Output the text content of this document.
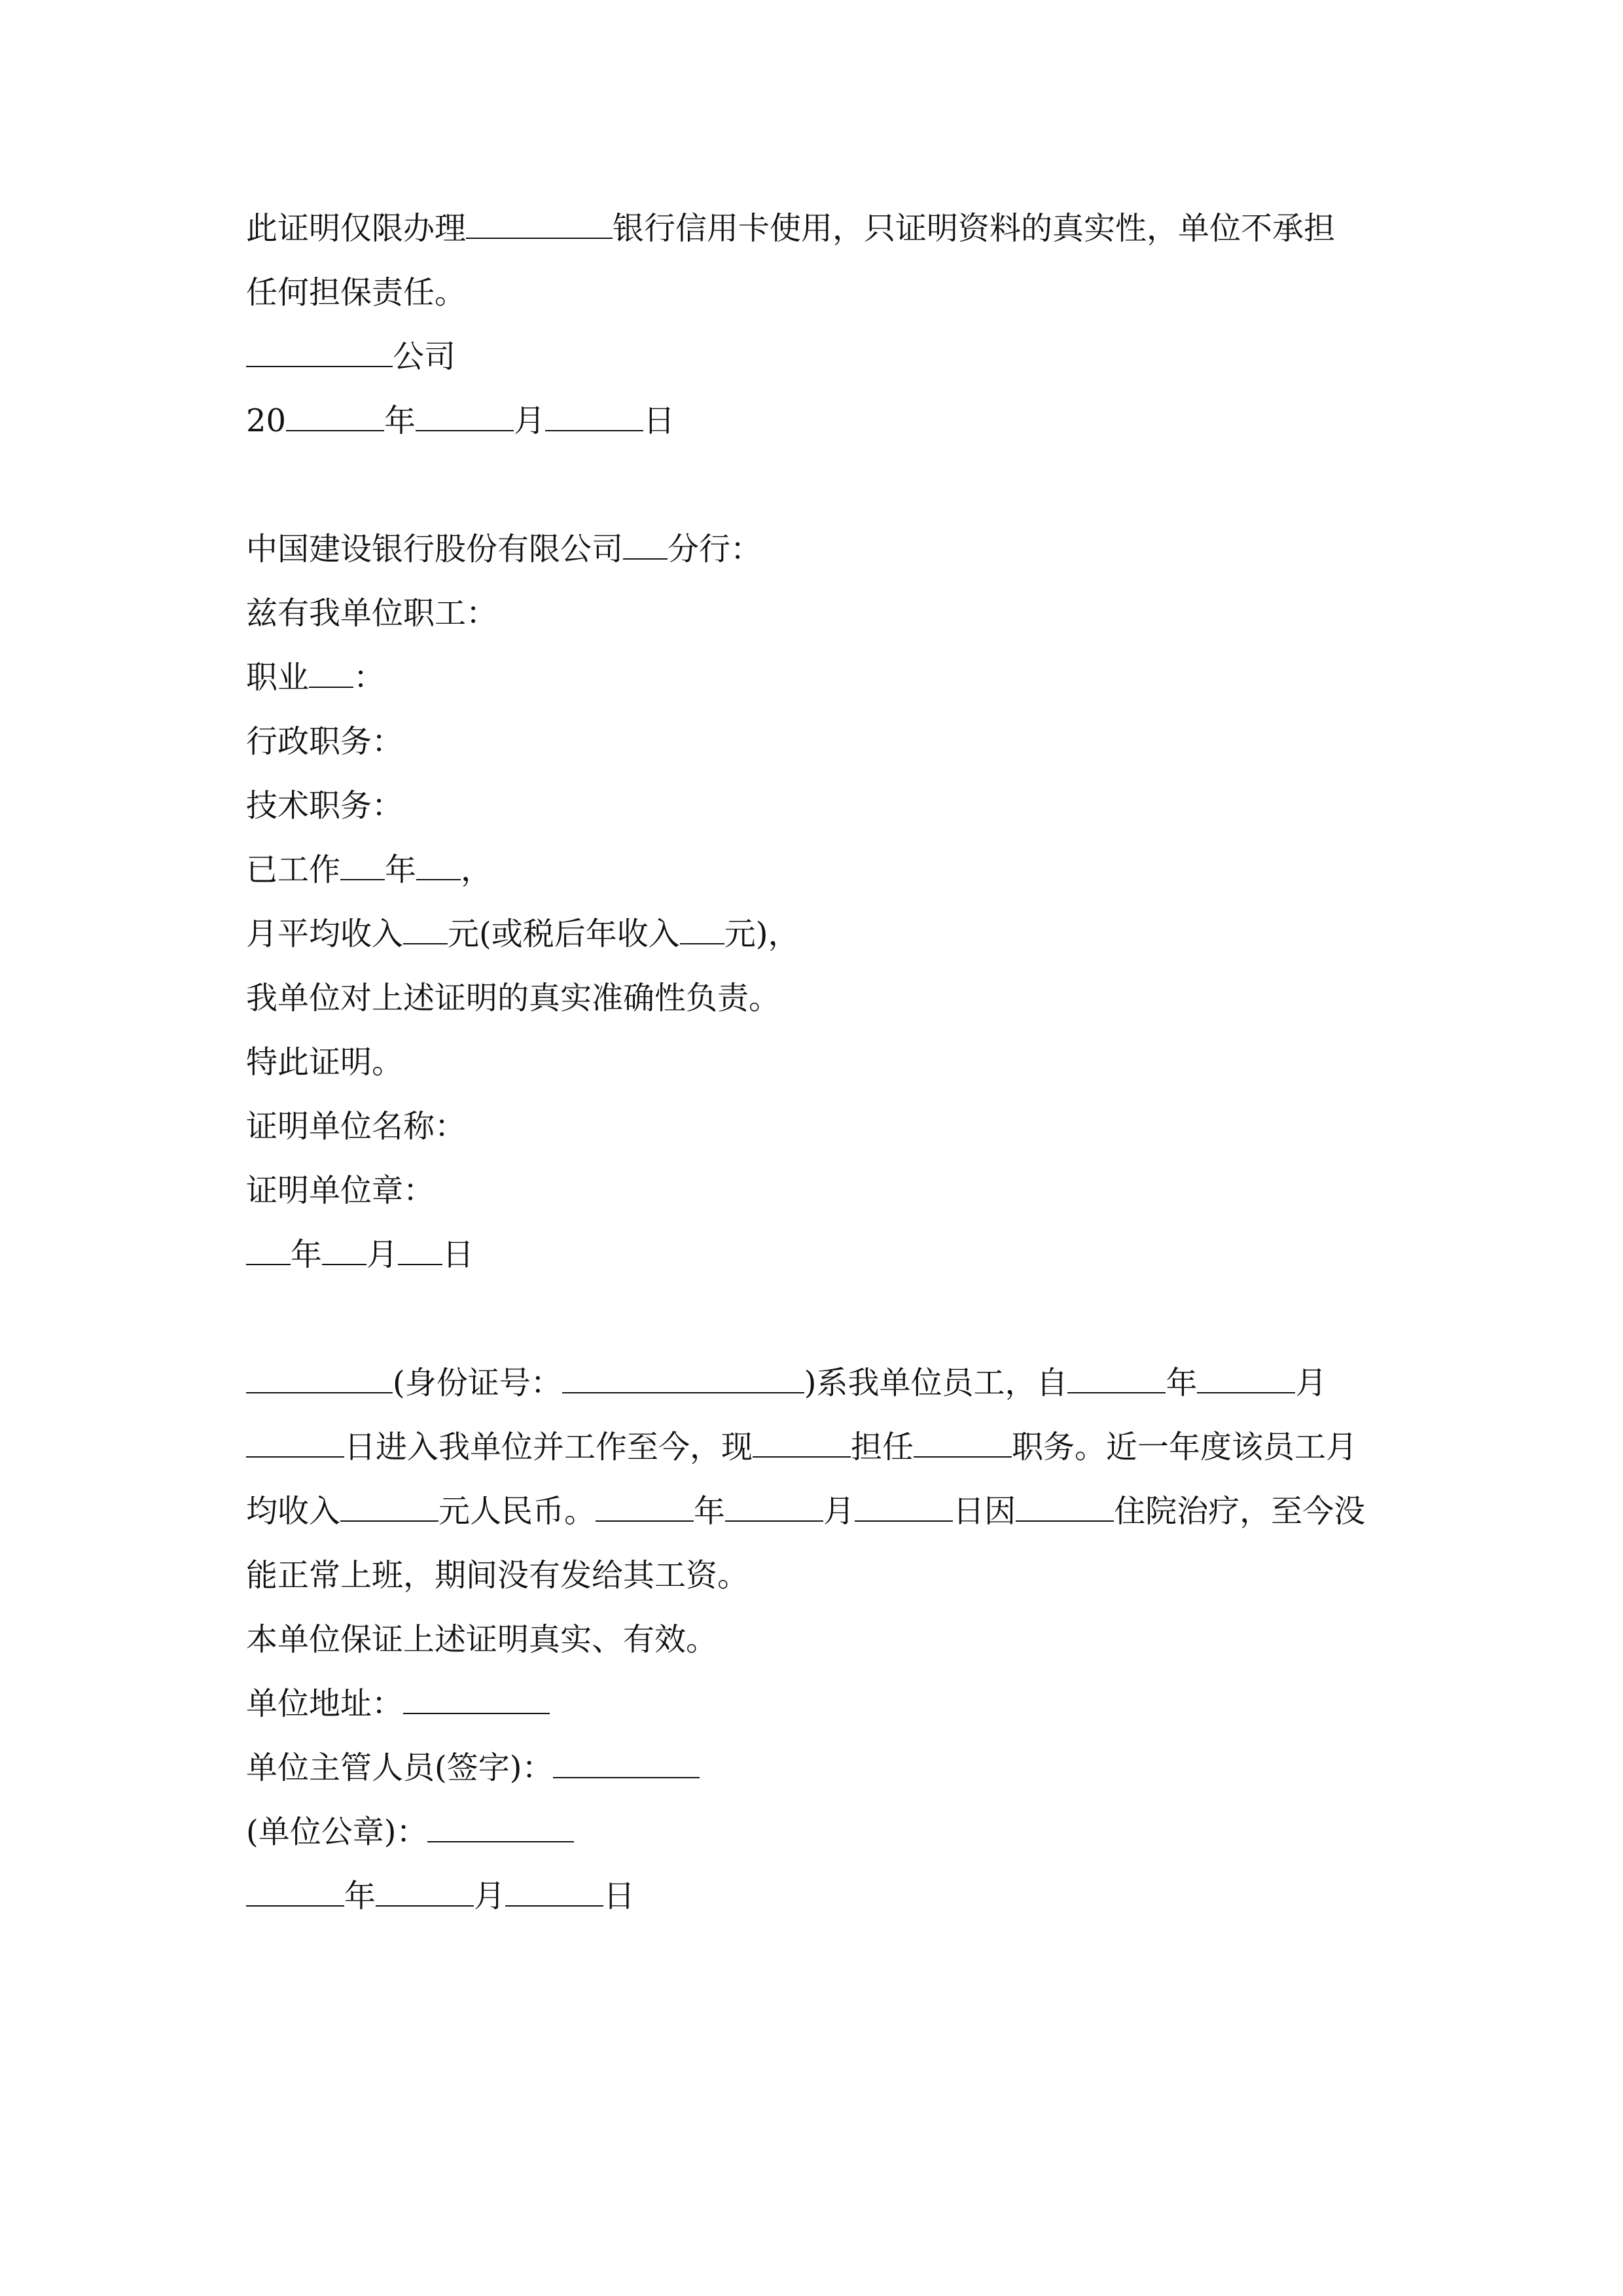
此证明仅限办理	银行信用卡使用，只证明资料的真实性，单位不承担
任何担保责任。
公司
20	年	月	日
中国建设银行股份有限公司 分行：
兹有我单位职工：
职业 ：
行政职务：
技术职务：
已工作 年 ，
月平均收入 元(或税后年收入 元)，
我单位对上述证明的真实准确性负责。
特此证明。
证明单位名称：
证明单位章：
年 月 日
(身份证号：	)系我单位员工，自	年	月
日进入我单位并工作至今，现	担任	职务。近一年度该员工月
均收入	元人民币。	年	月	日因	住院治疗，至今没
能正常上班，期间没有发给其工资。
本单位保证上述证明真实、有效。
单位地址：
单位主管人员(签字)：
(单位公章)：
年	月	日
